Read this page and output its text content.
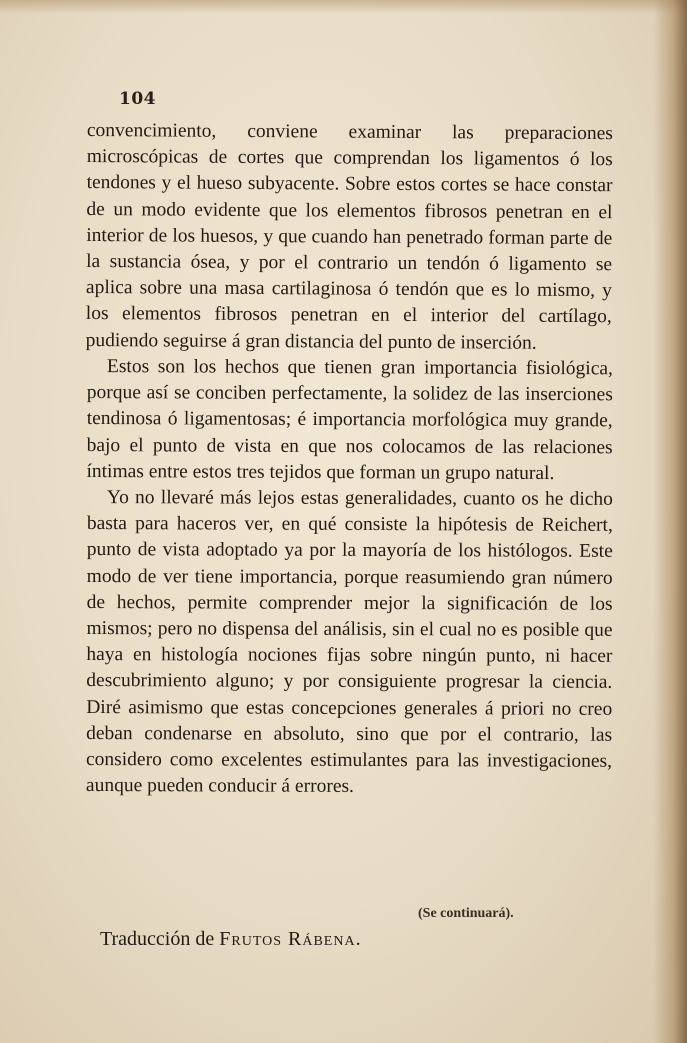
104

convencimiento, conviene examinar las preparaciones microscópicas de cortes que comprendan los ligamentos ó los tendones y el hueso subyacente. Sobre estos cortes se hace constar de un modo evidente que los elementos fibrosos penetran en el interior de los huesos, y que cuando han penetrado forman parte de la sustancia ósea, y por el contrario un tendón ó ligamento se aplica sobre una masa cartilaginosa ó tendón que es lo mismo, y los elementos fibrosos penetran en el interior del cartílago, pudiendo seguirse á gran distancia del punto de inserción.

Estos son los hechos que tienen gran importancia fisiológica, porque así se conciben perfectamente, la solidez de las inserciones tendinosa ó ligamentosas; é importancia morfológica muy grande, bajo el punto de vista en que nos colocamos de las relaciones íntimas entre estos tres tejidos que forman un grupo natural.

Yo no llevaré más lejos estas generalidades, cuanto os he dicho basta para haceros ver, en qué consiste la hipótesis de Reichert, punto de vista adoptado ya por la mayoría de los histólogos. Este modo de ver tiene importancia, porque reasumiendo gran número de hechos, permite comprender mejor la significación de los mismos; pero no dispensa del análisis, sin el cual no es posible que haya en histología nociones fijas sobre ningún punto, ni hacer descubrimiento alguno; y por consiguiente progresar la ciencia. Diré asimismo que estas concepciones generales á priori no creo deban condenarse en absoluto, sino que por el contrario, las considero como excelentes estimulantes para las investigaciones, aunque pueden conducir á errores.

(Se continuará).
Traducción de Frutos Rábena.
